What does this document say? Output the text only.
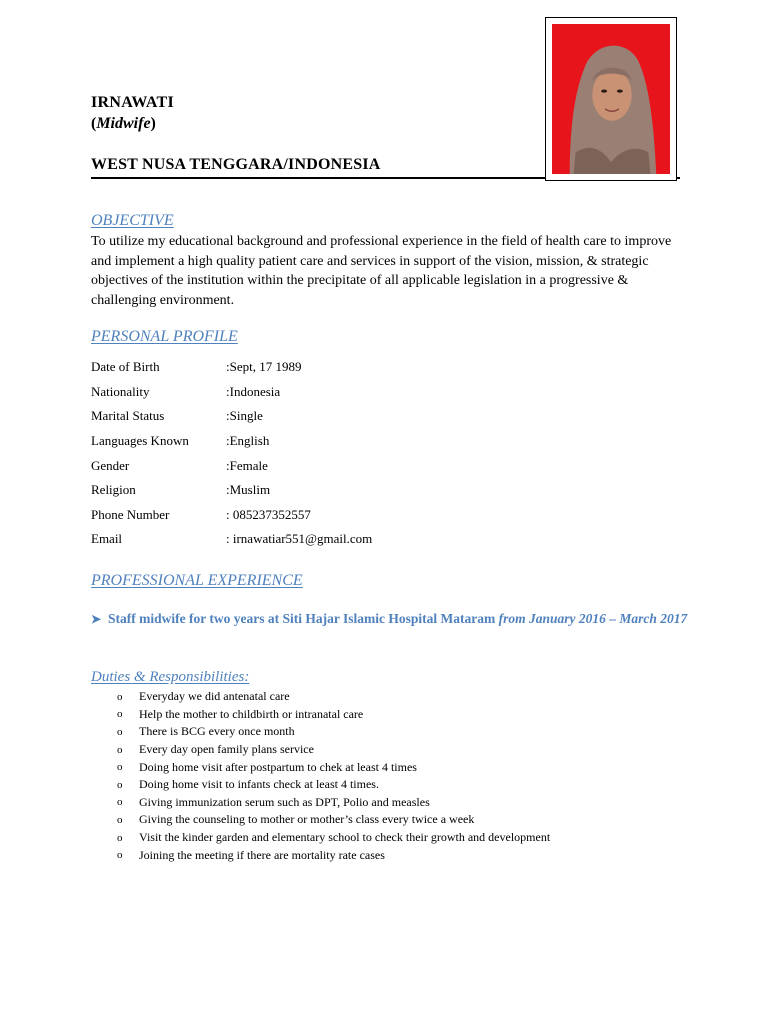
IRNAWATI
(Midwife)
WEST NUSA TENGGARA/INDONESIA
OBJECTIVE
To utilize my educational background and professional experience in the field of health care to improve and implement a high quality patient care and services in support of the vision, mission, & strategic objectives of the institution within the precipitate of all applicable legislation in a progressive & challenging environment.
PERSONAL PROFILE
Date of Birth	:Sept, 17 1989
Nationality	:Indonesia
Marital Status	:Single
Languages Known	:English
Gender	:Female
Religion	:Muslim
Phone Number	: 085237352557
Email	: irnawatiar551@gmail.com
PROFESSIONAL EXPERIENCE
➤ Staff midwife for two years at Siti Hajar Islamic Hospital Mataram from January 2016 – March 2017
Duties & Responsibilities:
o	Everyday we did antenatal care
o	Help the mother to childbirth or intranatal care
o	There is BCG every once month
o	Every day open family plans service
o	Doing home visit after postpartum to chek at least 4 times
o	Doing home visit to infants check at least 4 times.
o	Giving immunization serum such as DPT, Polio and measles
o	Giving the counseling to mother or mother’s class every twice a week
o	Visit the kinder garden and elementary school to check their growth and development
o	Joining the meeting if there are mortality rate cases
